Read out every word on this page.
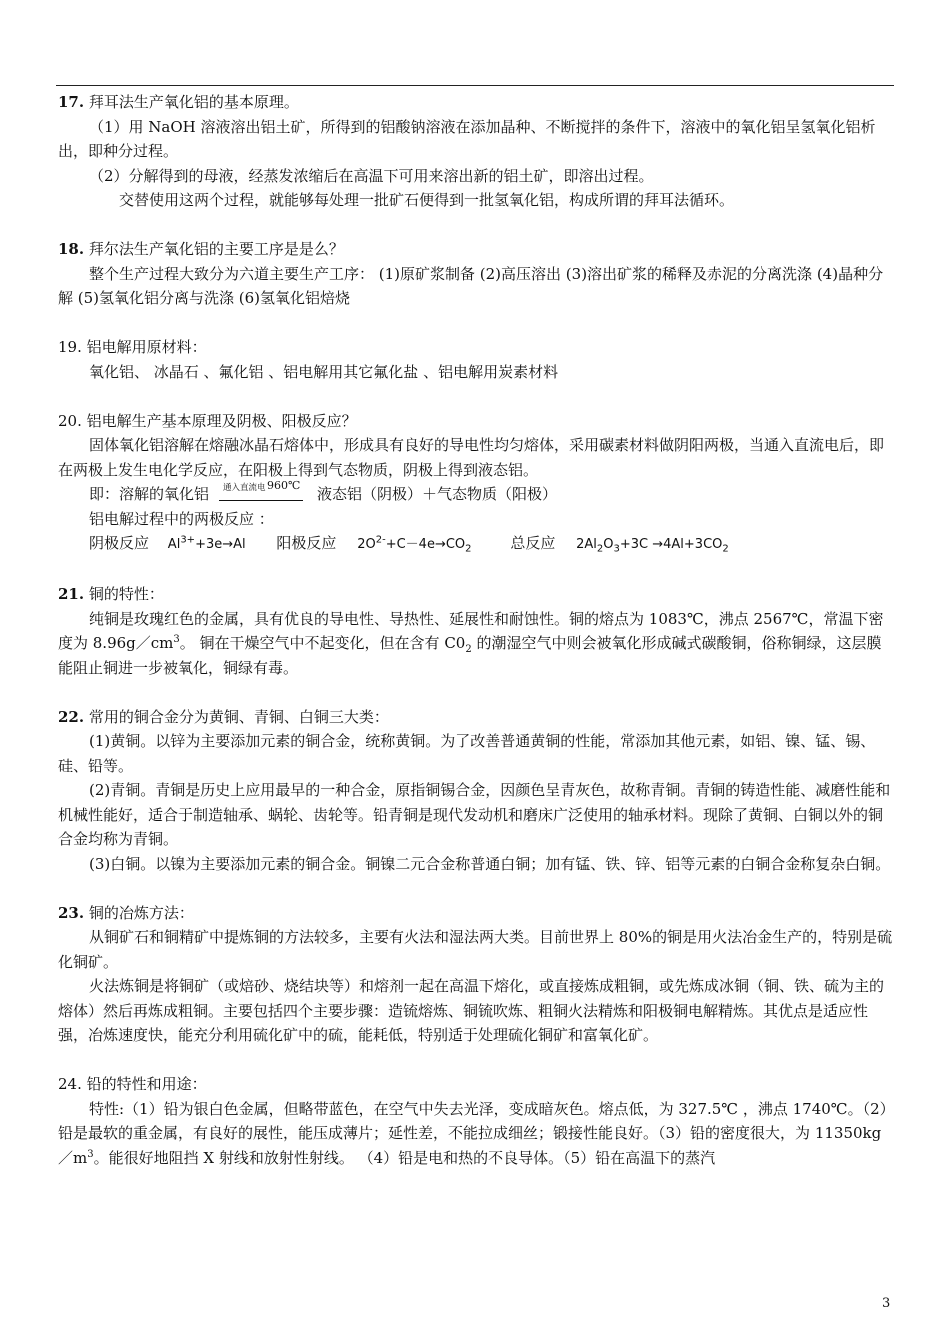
17. 拜耳法生产氧化铝的基本原理。

（1）用 NaOH 溶液溶出铝土矿，所得到的铝酸钠溶液在添加晶种、不断搅拌的条件下，溶液中的氧化铝呈氢氧化铝析出，即种分过程。

（2）分解得到的母液，经蒸发浓缩后在高温下可用来溶出新的铝土矿，即溶出过程。

交替使用这两个过程，就能够每处理一批矿石便得到一批氢氧化铝，构成所谓的拜耳法循环。

18. 拜尔法生产氧化铝的主要工序是是么？

整个生产过程大致分为六道主要生产工序： (1)原矿浆制备 (2)高压溶出 (3)溶出矿浆的稀释及赤泥的分离洗涤 (4)晶种分解 (5)氢氧化铝分离与洗涤 (6)氢氧化铝焙烧

19. 铝电解用原材料：

氧化铝、 冰晶石 、氟化铝 、铝电解用其它氟化盐 、铝电解用炭素材料

20. 铝电解生产基本原理及阴极、阳极反应？

固体氧化铝溶解在熔融冰晶石熔体中，形成具有良好的导电性均匀熔体，采用碳素材料做阴阳两极，当通入直流电后，即在两极上发生电化学反应，在阳极上得到气态物质，阴极上得到液态铝。

即：溶解的氧化铝 通入直流电 960℃ 液态铝（阴极）＋气态物质（阳极）

铝电解过程中的两极反应 ：

阴极反应 $Al^{3+}+3e\to Al$ 阳极反应 $2O^{2-}+C-4e\to CO_2$	总反应 $2Al_2O_3+3C \to 4Al+3CO_2$

21. 铜的特性：

纯铜是玫瑰红色的金属，具有优良的导电性、导热性、延展性和耐蚀性。铜的熔点为 1083℃，沸点 2567℃，常温下密度为 $8.96g/cm^3$。 铜在干燥空气中不起变化，但在含有 $C0_2$ 的潮湿空气中则会被氧化形成碱式碳酸铜，俗称铜绿，这层膜能阻止铜进一步被氧化，铜绿有毒。

22. 常用的铜合金分为黄铜、青铜、白铜三大类：

(1)黄铜。以锌为主要添加元素的铜合金，统称黄铜。为了改善普通黄铜的性能，常添加其他元素，如铝、镍、锰、锡、硅、铅等。

(2)青铜。青铜是历史上应用最早的一种合金，原指铜锡合金，因颜色呈青灰色，故称青铜。青铜的铸造性能、减磨性能和机械性能好，适合于制造轴承、蜗轮、齿轮等。铅青铜是现代发动机和磨床广泛使用的轴承材料。现除了黄铜、白铜以外的铜合金均称为青铜。

(3)白铜。以镍为主要添加元素的铜合金。铜镍二元合金称普通白铜；加有锰、铁、锌、铝等元素的白铜合金称复杂白铜。

23. 铜的冶炼方法：

从铜矿石和铜精矿中提炼铜的方法较多，主要有火法和湿法两大类。目前世界上 80%的铜是用火法冶金生产的，特别是硫化铜矿。

火法炼铜是将铜矿（或焙砂、烧结块等）和熔剂一起在高温下熔化，或直接炼成粗铜，或先炼成冰铜（铜、铁、硫为主的熔体）然后再炼成粗铜。主要包括四个主要步骤：造锍熔炼、铜锍吹炼、粗铜火法精炼和阳极铜电解精炼。其优点是适应性强，冶炼速度快，能充分利用硫化矿中的硫，能耗低，特别适于处理硫化铜矿和富氧化矿。

24. 铅的特性和用途：

特性:（1）铅为银白色金属，但略带蓝色，在空气中失去光泽，变成暗灰色。熔点低，为 327.5℃ ，沸点 1740℃。（2）铅是最软的重金属，有良好的展性，能压成薄片；延性差，不能拉成细丝；锻接性能良好。（3）铅的密度很大，为 $11350kg/m^3$。能很好地阻挡 X 射线和放射性射线。 （4）铅是电和热的不良导体。（5）铅在高温下的蒸汽

3
